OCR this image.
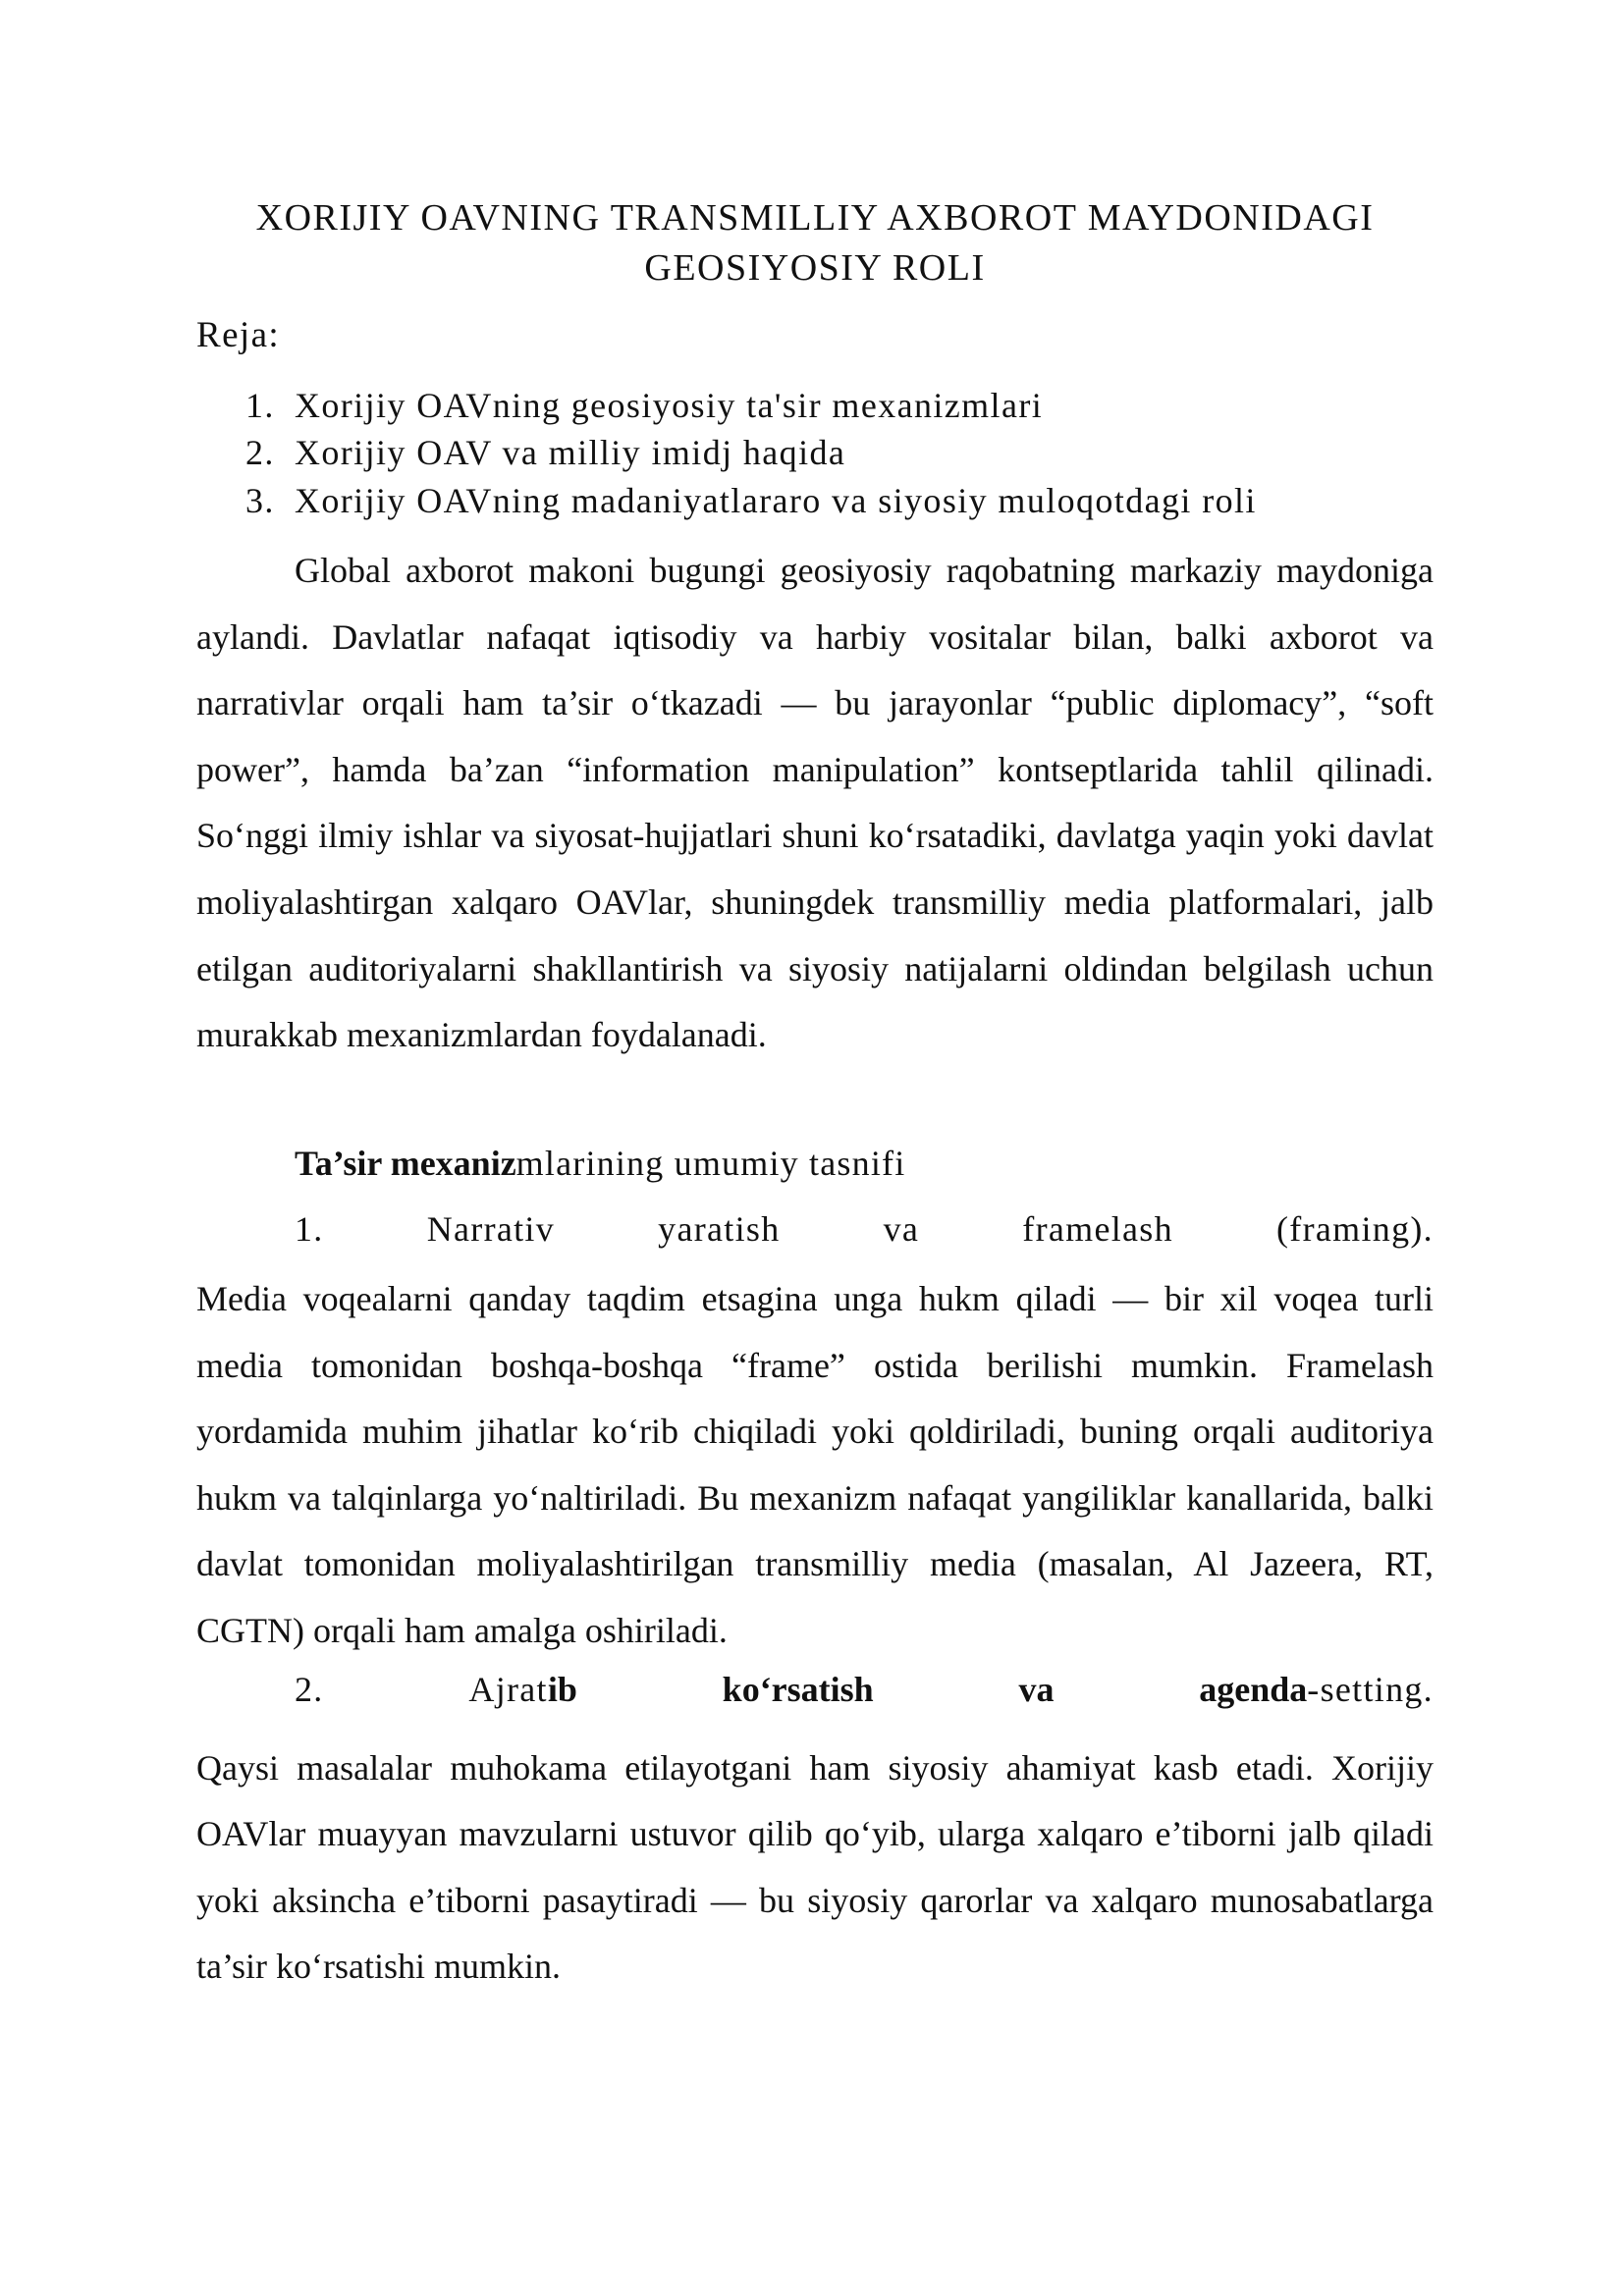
XORIJIY OAVNING TRANSMILLIY AXBOROT MAYDONIDAGI
GEOSIYOSIY ROLI
Reja:
1. Xorijiy OAVning geosiyosiy ta'sir mexanizmlari
2. Xorijiy OAV va milliy imidj haqida
3. Xorijiy OAVning madaniyatlararo va siyosiy muloqotdagi roli

Global axborot makoni bugungi geosiyosiy raqobatning markaziy maydoniga aylandi. Davlatlar nafaqat iqtisodiy va harbiy vositalar bilan, balki axborot va narrativlar orqali ham ta’sir o‘tkazadi — bu jarayonlar “public diplomacy”, “soft power”, hamda ba’zan “information manipulation” kontseptlarida tahlil qilinadi. So‘nggi ilmiy ishlar va siyosat-hujjatlari shuni ko‘rsatadiki, davlatga yaqin yoki davlat moliyalashtirgan xalqaro OAVlar, shuningdek transmilliy media platformalari, jalb etilgan auditoriyalarni shakllantirish va siyosiy natijalarni oldindan belgilash uchun murakkab mexanizmlardan foydalanadi.

Ta’sir mexanizmlarining umumiy tasnifi
1.	Narrativ	yaratish	va	framelash	(framing).

Media voqealarni qanday taqdim etsagina unga hukm qiladi — bir xil voqea turli media tomonidan boshqa-boshqa “frame” ostida berilishi mumkin. Framelash yordamida muhim jihatlar ko‘rib chiqiladi yoki qoldiriladi, buning orqali auditoriya hukm va talqinlarga yo‘naltiriladi. Bu mexanizm nafaqat yangiliklar kanallarida, balki davlat tomonidan moliyalashtirilgan transmilliy media (masalan, Al Jazeera, RT, CGTN) orqali ham amalga oshiriladi.

2.	Ajratib	ko‘rsatish	va	agenda-setting.

Qaysi masalalar muhokama etilayotgani ham siyosiy ahamiyat kasb etadi. Xorijiy OAVlar muayyan mavzularni ustuvor qilib qo‘yib, ularga xalqaro e’tiborni jalb qiladi yoki aksincha e’tiborni pasaytiradi — bu siyosiy qarorlar va xalqaro munosabatlarga ta’sir ko‘rsatishi mumkin.
